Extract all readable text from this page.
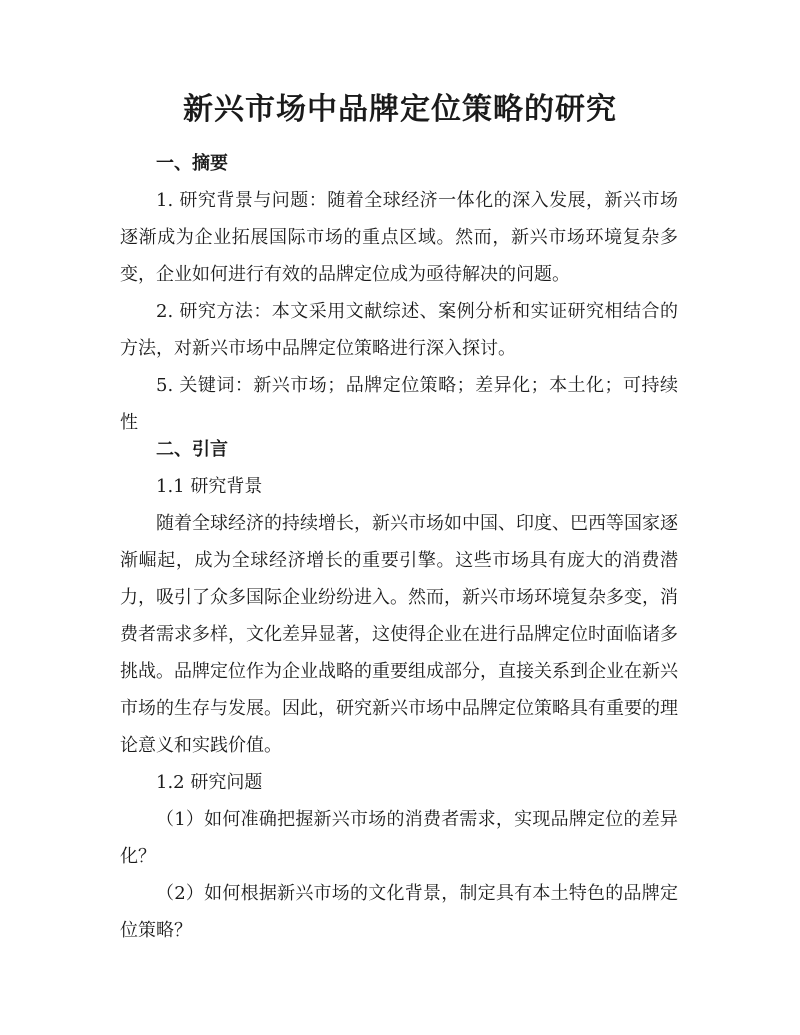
新兴市场中品牌定位策略的研究

一、摘要

1. 研究背景与问题：随着全球经济一体化的深入发展，新兴市场逐渐成为企业拓展国际市场的重点区域。然而，新兴市场环境复杂多变，企业如何进行有效的品牌定位成为亟待解决的问题。

2. 研究方法：本文采用文献综述、案例分析和实证研究相结合的方法，对新兴市场中品牌定位策略进行深入探讨。

5. 关键词：新兴市场；品牌定位策略；差异化；本土化；可持续性

二、引言

1.1 研究背景

随着全球经济的持续增长，新兴市场如中国、印度、巴西等国家逐渐崛起，成为全球经济增长的重要引擎。这些市场具有庞大的消费潜力，吸引了众多国际企业纷纷进入。然而，新兴市场环境复杂多变，消费者需求多样，文化差异显著，这使得企业在进行品牌定位时面临诸多挑战。品牌定位作为企业战略的重要组成部分，直接关系到企业在新兴市场的生存与发展。因此，研究新兴市场中品牌定位策略具有重要的理论意义和实践价值。

1.2 研究问题

（1）如何准确把握新兴市场的消费者需求，实现品牌定位的差异化？

（2）如何根据新兴市场的文化背景，制定具有本土特色的品牌定位策略？
